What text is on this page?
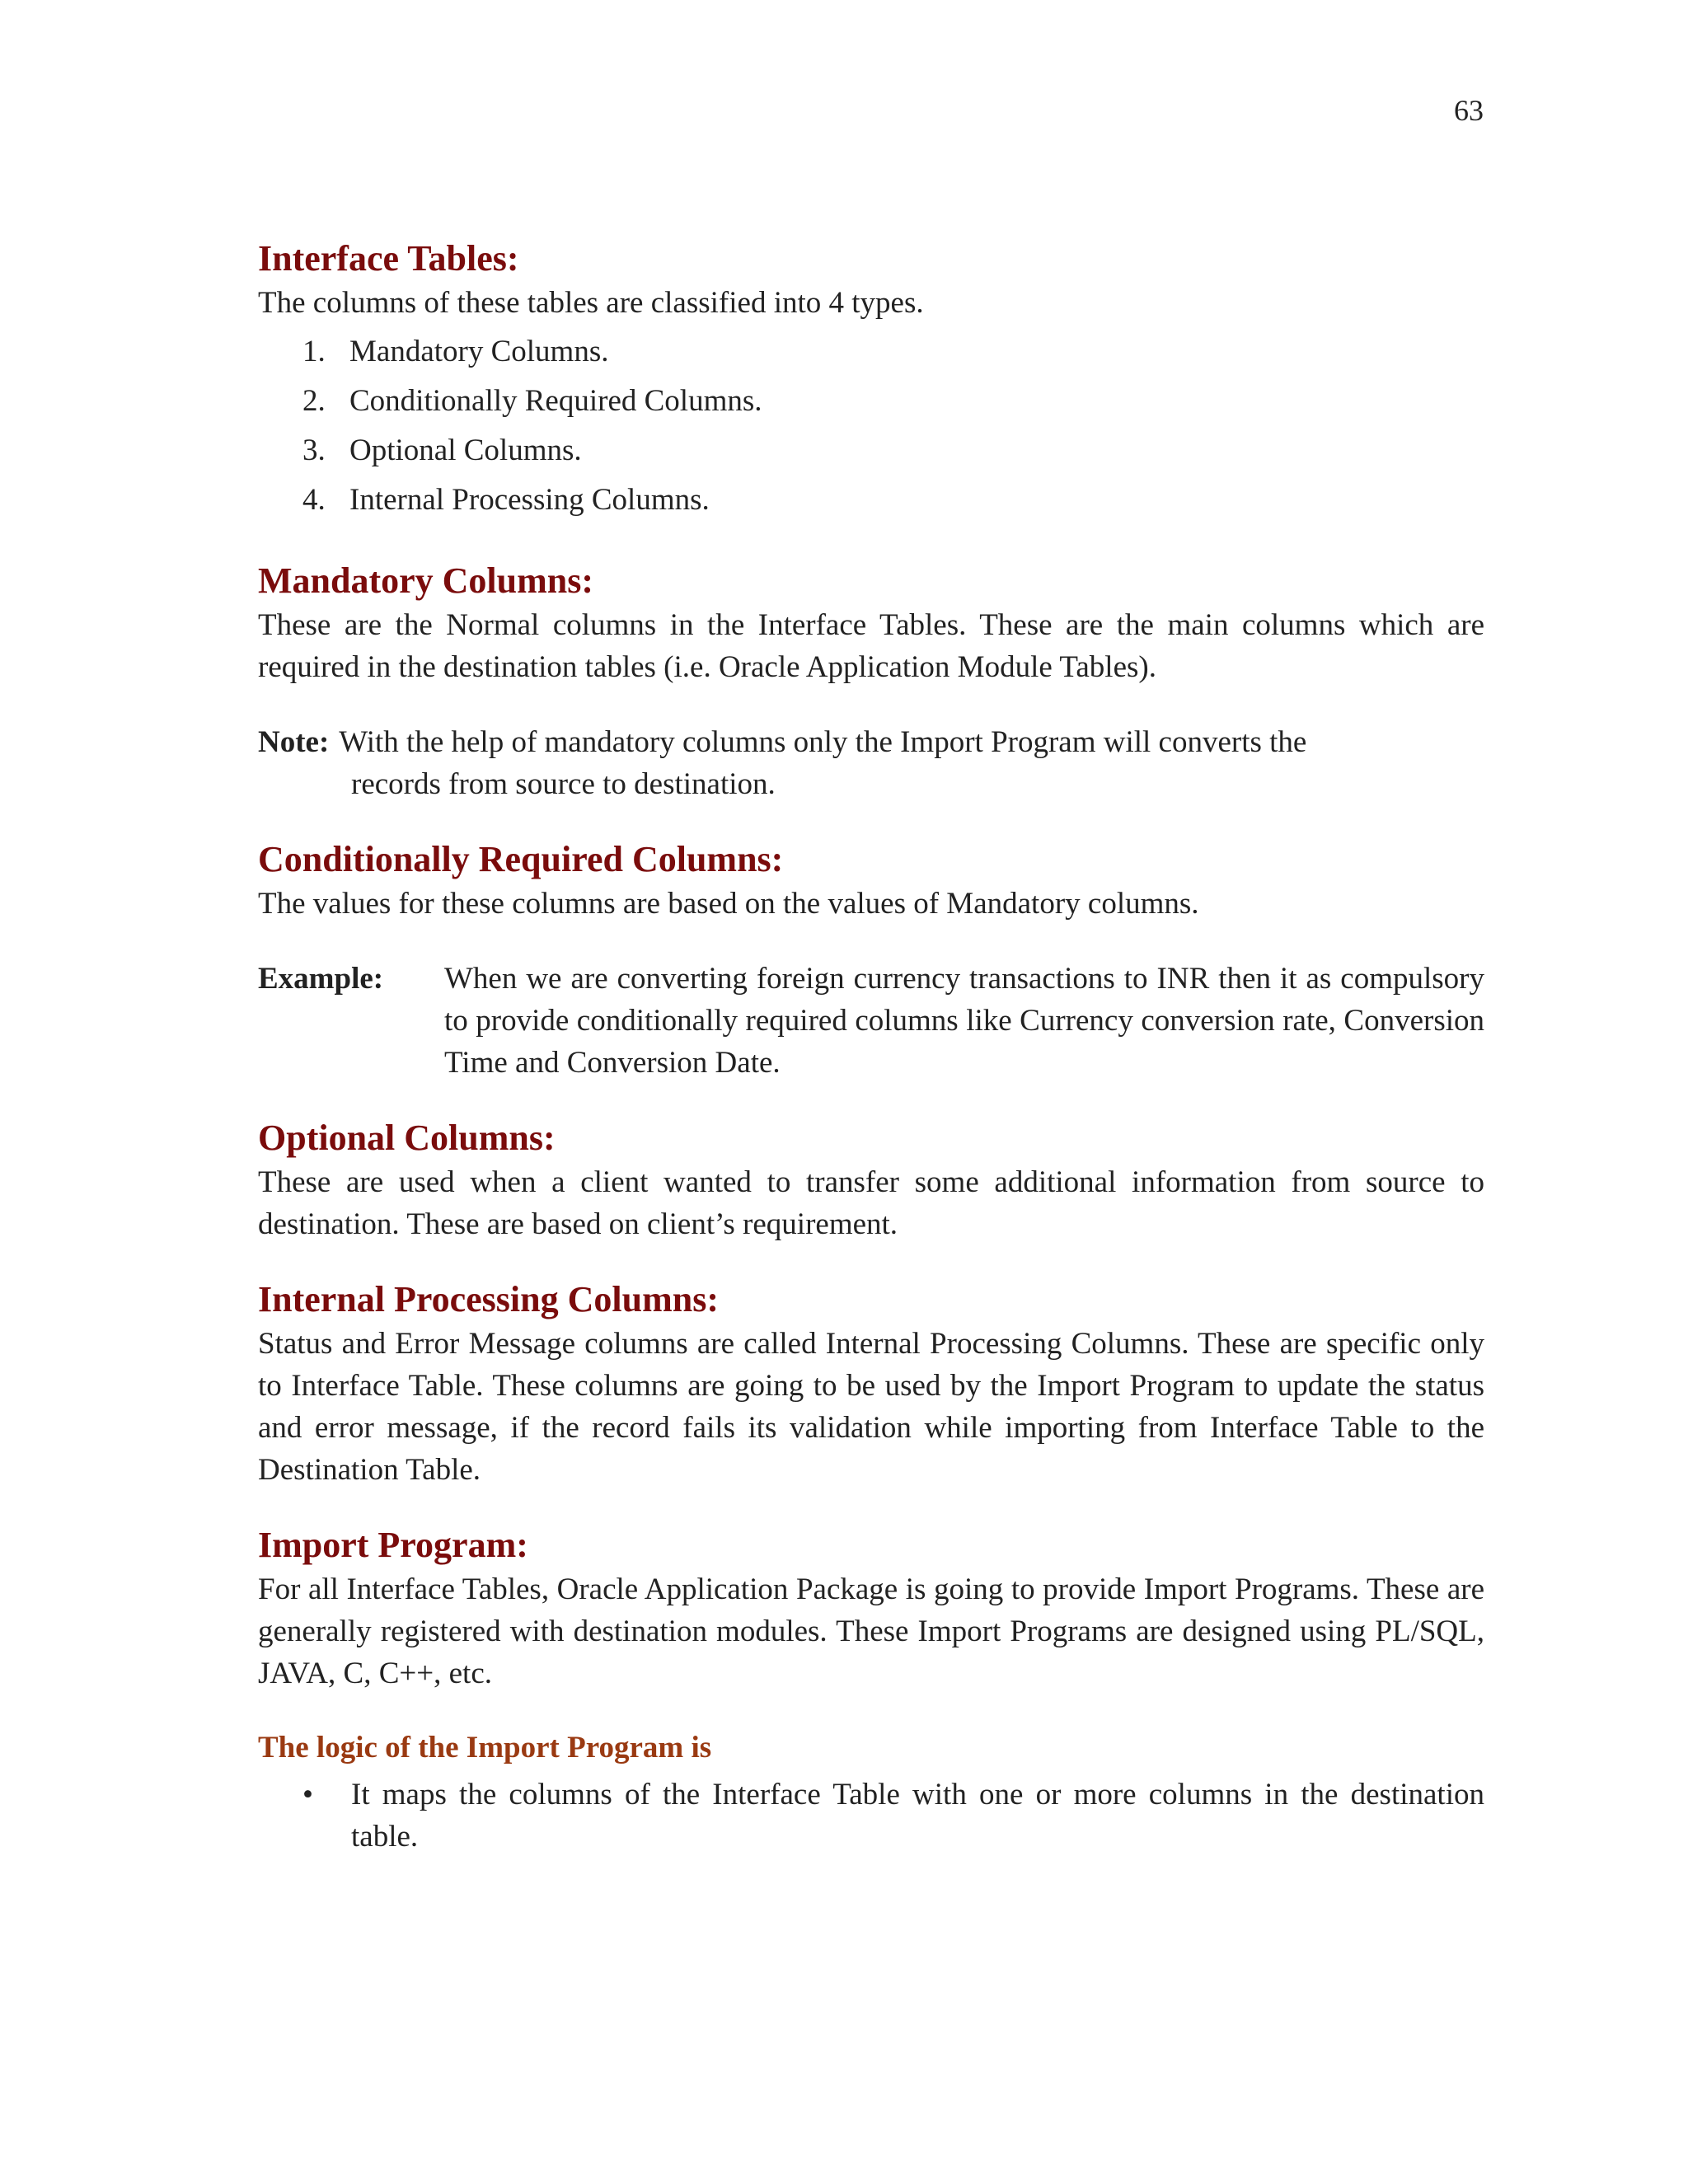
63
Interface Tables:

The columns of these tables are classified into 4 types.

1. Mandatory Columns.
2. Conditionally Required Columns.
3. Optional Columns.
4. Internal Processing Columns.
Mandatory Columns:

These are the Normal columns in the Interface Tables. These are the main columns which are required in the destination tables (i.e. Oracle Application Module Tables).

Note: With the help of mandatory columns only the Import Program will converts the
records from source to destination.
Conditionally Required Columns:

The values for these columns are based on the values of Mandatory columns.

Example:	When we are converting foreign currency transactions to INR then it as compulsory to provide conditionally required columns like Currency conversion rate, Conversion Time and Conversion Date.
Optional Columns:

These are used when a client wanted to transfer some additional information from source to destination. These are based on client’s requirement.

Internal Processing Columns:

Status and Error Message columns are called Internal Processing Columns. These are specific only to Interface Table. These columns are going to be used by the Import Program to update the status and error message, if the record fails its validation while importing from Interface Table to the Destination Table.

Import Program:

For all Interface Tables, Oracle Application Package is going to provide Import Programs. These are generally registered with destination modules. These Import Programs are designed using PL/SQL, JAVA, C, C++, etc.

The logic of the Import Program is
•	It maps the columns of the Interface Table with one or more columns in the destination table.
